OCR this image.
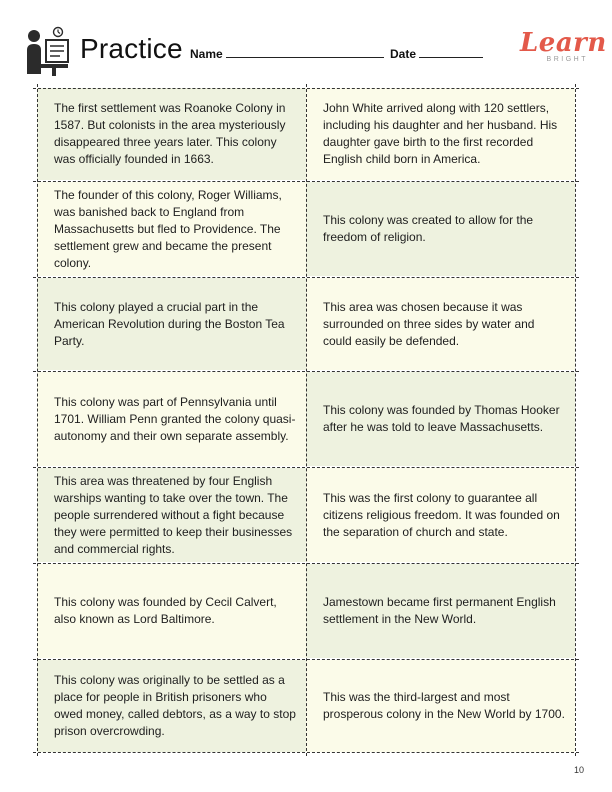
Practice Name	Date	Learn
BRIGHT
The first settlement was Roanoke Colony in 1587. But colonists in the area mysteriously disappeared three years later. This colony was officially founded in 1663.
John White arrived along with 120 settlers, including his daughter and her husband. His daughter gave birth to the first recorded English child born in America.
The founder of this colony, Roger Williams, was banished back to England from Massachusetts but fled to Providence. The settlement grew and became the present colony.
This colony was created to allow for the freedom of religion.
This colony played a crucial part in the American Revolution during the Boston Tea Party.
This area was chosen because it was surrounded on three sides by water and could easily be defended.
This colony was part of Pennsylvania until 1701. William Penn granted the colony quasi-autonomy and their own separate assembly.
This colony was founded by Thomas Hooker after he was told to leave Massachusetts.
This area was threatened by four English warships wanting to take over the town. The people surrendered without a fight because they were permitted to keep their businesses and commercial rights.
This was the first colony to guarantee all citizens religious freedom. It was founded on the separation of church and state.
This colony was founded by Cecil Calvert, also known as Lord Baltimore.
Jamestown became first permanent English settlement in the New World.
This colony was originally to be settled as a place for people in British prisoners who owed money, called debtors, as a way to stop prison overcrowding.
This was the third-largest and most prosperous colony in the New World by 1700.
10
